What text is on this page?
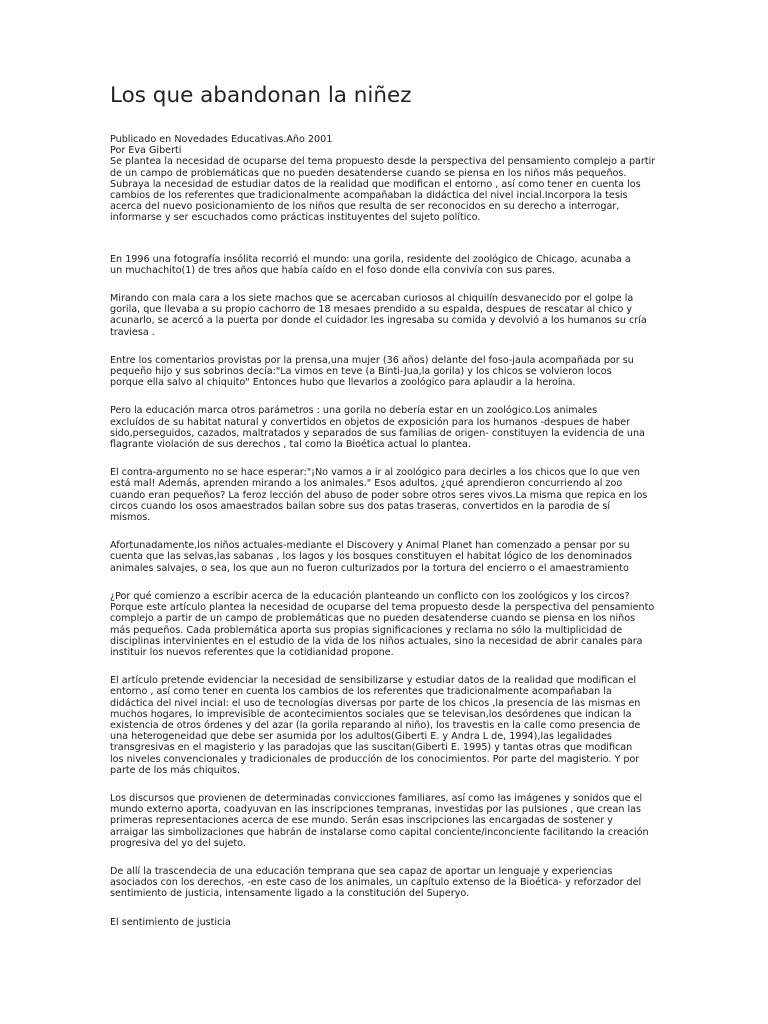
Los que abandonan la niñez
Publicado en Novedades Educativas.Año 2001
Por Eva Giberti

Se plantea la necesidad de ocuparse del tema propuesto desde la perspectiva del pensamiento complejo a partir
de un campo de problemáticas que no pueden desatenderse cuando se piensa en los niños más pequeños.
Subraya la necesidad de estudiar datos de la realidad que modifican el entorno , así como tener en cuenta los
cambios de los referentes que tradicionalmente acompañaban la didáctica del nivel incial.Incorpora la tesis
acerca del nuevo posicionamiento de los niños que resulta de ser reconocidos en su derecho a interrogar,
informarse y ser escuchados como prácticas instituyentes del sujeto político.

En 1996 una fotografía insólita recorrió el mundo: una gorila, residente del zoológico de Chicago, acunaba a
un muchachito(1) de tres años que había caído en el foso donde ella convivía con sus pares.

Mirando con mala cara a los siete machos que se acercaban curiosos al chiquilín desvanecido por el golpe la
gorila, que llevaba a su propio cachorro de 18 mesaes prendido a su espalda, despues de rescatar al chico y
acunarlo, se acercó a la puerta por donde el cuidador les ingresaba su comida y devolvió a los humanos su cría
traviesa .

Entre los comentarios provistas por la prensa,una mujer (36 años) delante del foso-jaula acompañada por su
pequeño hijo y sus sobrinos decía:"La vimos en teve (a Binti-Jua,la gorila) y los chicos se volvieron locos
porque ella salvo al chiquito" Entonces hubo que llevarlos a zoológico para aplaudir a la heroína.

Pero la educación marca otros parámetros : una gorila no debería estar en un zoológico.Los animales
excluídos de su habitat natural y convertidos en objetos de exposición para los humanos -despues de haber
sido,perseguidos, cazados, maltratados y separados de sus familias de origen- constituyen la evidencia de una
flagrante violación de sus derechos , tal como la Bioética actual lo plantea.

El contra-argumento no se hace esperar:"¡No vamos a ir al zoológico para decirles a los chicos que lo que ven
está mal! Además, aprenden mirando a los animales." Esos adultos, ¿qué aprendieron concurriendo al zoo
cuando eran pequeños? La feroz lección del abuso de poder sobre otros seres vivos.La misma que repica en los
circos cuando los osos amaestrados bailan sobre sus dos patas traseras, convertidos en la parodia de sí
mismos.

Afortunadamente,los niños actuales-mediante el Discovery y Animal Planet han comenzado a pensar por su
cuenta que las selvas,las sabanas , los lagos y los bosques constituyen el habitat lógico de los denominados
animales salvajes, o sea, los que aun no fueron culturizados por la tortura del encierro o el amaestramiento

¿Por qué comienzo a escribir acerca de la educación planteando un conflicto con los zoológicos y los circos?
Porque este artículo plantea la necesidad de ocuparse del tema propuesto desde la perspectiva del pensamiento
complejo a partir de un campo de problemáticas que no pueden desatenderse cuando se piensa en los niños
más pequeños. Cada problemática aporta sus propias significaciones y reclama no sólo la multiplicidad de
disciplinas intervinientes en el estudio de la vida de los niños actuales, sino la necesidad de abrir canales para
instituir los nuevos referentes que la cotidianidad propone.

El artículo pretende evidenciar la necesidad de sensibilizarse y estudiar datos de la realidad que modifican el
entorno , así como tener en cuenta los cambios de los referentes que tradicionalmente acompañaban la
didáctica del nivel incial: el uso de tecnologías diversas por parte de los chicos ,la presencia de las mismas en
muchos hogares, lo imprevisible de acontecimientos sociales que se televisan,los desórdenes que indican la
existencia de otros órdenes y del azar (la gorila reparando al niño), los travestis en la calle como presencia de
una heterogeneidad que debe ser asumida por los adultos(Giberti E. y Andra L de, 1994),las legalidades
transgresivas en el magisterio y las paradojas que las suscitan(Giberti E. 1995) y tantas otras que modifican
los niveles convencionales y tradicionales de producción de los conocimientos. Por parte del magisterio. Y por
parte de los más chiquitos.

Los discursos que provienen de determinadas convicciones familiares, así como las imágenes y sonidos que el
mundo externo aporta, coadyuvan en las inscripciones tempranas, investidas por las pulsiones , que crean las
primeras representaciones acerca de ese mundo. Serán esas inscripciones las encargadas de sostener y
arraigar las simbolizaciones que habrán de instalarse como capital conciente/inconciente facilitando la creación
progresiva del yo del sujeto.

De allí la trascendecia de una educación temprana que sea capaz de aportar un lenguaje y experiencias
asociados con los derechos, -en este caso de los animales, un capítulo extenso de la Bioética- y reforzador del
sentimiento de justicia, intensamente ligado a la constitución del Superyo.

El sentimiento de justicia
